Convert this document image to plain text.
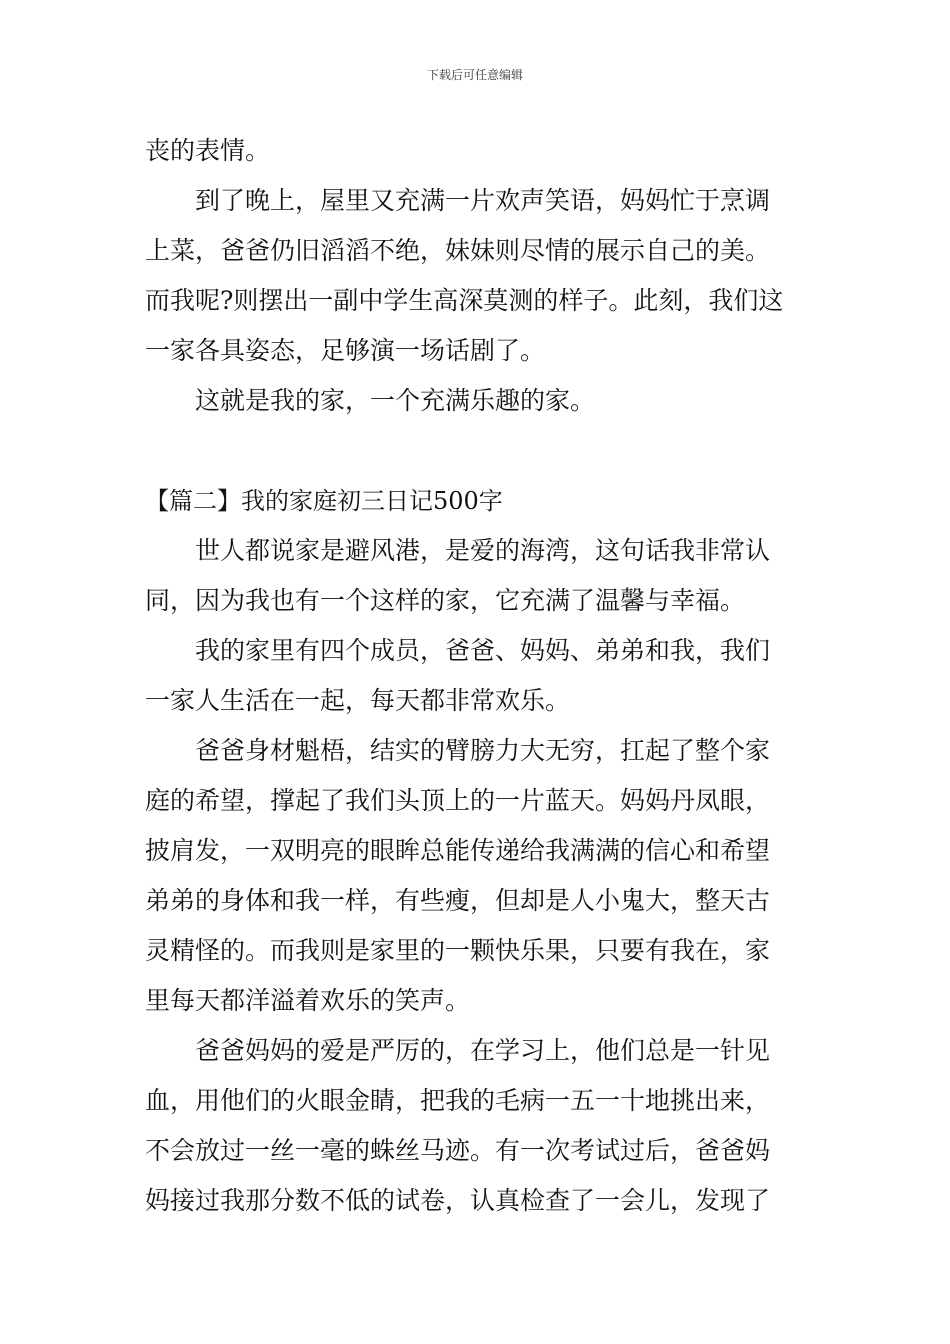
下载后可任意编辑
丧的表情。
到了晚上，屋里又充满一片欢声笑语，妈妈忙于烹调
上菜，爸爸仍旧滔滔不绝，妹妹则尽情的展示自己的美。
而我呢?则摆出一副中学生高深莫测的样子。此刻，我们这
一家各具姿态，足够演一场话剧了。
这就是我的家，一个充满乐趣的家。
【篇二】我的家庭初三日记500字
世人都说家是避风港，是爱的海湾，这句话我非常认
同，因为我也有一个这样的家，它充满了温馨与幸福。
我的家里有四个成员，爸爸、妈妈、弟弟和我，我们
一家人生活在一起，每天都非常欢乐。
爸爸身材魁梧，结实的臂膀力大无穷，扛起了整个家
庭的希望，撑起了我们头顶上的一片蓝天。妈妈丹凤眼，
披肩发，一双明亮的眼眸总能传递给我满满的信心和希望
弟弟的身体和我一样，有些瘦，但却是人小鬼大，整天古
灵精怪的。而我则是家里的一颗快乐果，只要有我在，家
里每天都洋溢着欢乐的笑声。
爸爸妈妈的爱是严厉的，在学习上，他们总是一针见
血，用他们的火眼金睛，把我的毛病一五一十地挑出来，
不会放过一丝一毫的蛛丝马迹。有一次考试过后，爸爸妈
妈接过我那分数不低的试卷，认真检查了一会儿，发现了
